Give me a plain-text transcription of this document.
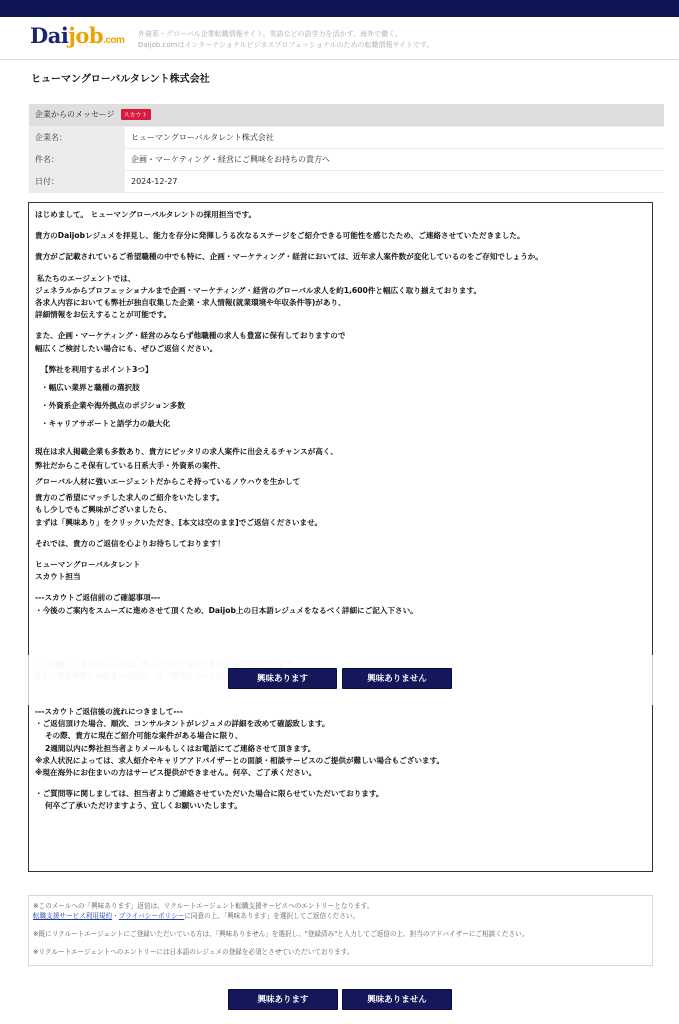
Daijob.com
外資系・グローバル企業転職情報サイト。英語などの語学力を活かす。海外で働く。
Daijob.comはインターナショナルビジネスプロフェッショナルのための転職情報サイトです。
ヒューマングローバルタレント株式会社
企業からのメッセージ スカウト	
企業名：	ヒューマングローバルタレント株式会社
件名：	企画・マーケティング・経営にご興味をお持ちの貴方へ
日付：	2024-12-27
はじめまして。 ヒューマングローバルタレントの採用担当です。
貴方のDaijobレジュメを拝見し、能力を存分に発揮しうる次なるステージをご紹介できる可能性を感じたため、ご連絡させていただきました。
貴方がご記載されているご希望職種の中でも特に、企画・マーケティング・経営においては、近年求人案件数が変化しているのをご存知でしょうか。
私たちのエージェントでは、
ジェネラルからプロフェッショナルまで企画・マーケティング・経営のグローバル求人を約1,600件と幅広く取り揃えております。
各求人内容においても弊社が独自収集した企業・求人情報(就業環境や年収条件等)があり、
詳細情報をお伝えすることが可能です。
また、企画・マーケティング・経営のみならず他職種の求人も豊富に保有しておりますので
幅広くご検討したい場合にも、ぜひご返信ください。
【弊社を利用するポイント3つ】
・幅広い業界と職種の選択肢
・外資系企業や海外拠点のポジション多数
・キャリアサポートと語学力の最大化
現在は求人掲載企業も多数あり、貴方にピッタリの求人案件に出会えるチャンスが高く、
弊社だからこそ保有している日系大手・外資系の案件、
グローバル人材に強いエージェントだからこそ持っているノウハウを生かして
貴方のご希望にマッチした求人のご紹介をいたします。
もし少しでもご興味がございましたら、
まずは「興味あり」をクリックいただき、[本文は空のまま]でご返信くださいませ。
それでは、貴方のご返信を心よりお待ちしております！
ヒューマングローバルタレント
スカウト担当
---スカウトご返信前のご確認事項---
・今後のご案内をスムーズに進めさせて頂くため、Daijob上の日本語レジュメをなるべく詳細にご記入下さい。
---スカウトご返信後の流れにつきまして---
・ご返信頂けた場合、順次、コンサルタントがレジュメの詳細を改めて確認致します。
その際、貴方に現在ご紹介可能な案件がある場合に限り、
2週間以内に弊社担当者よりメールもしくはお電話にてご連絡させて頂きます。
※求人状況によっては、求人紹介やキャリアアドバイザーとの面談・相談サービスのご提供が難しい場合もございます。
※現在海外にお住まいの方はサービス提供ができません。何卒、ご了承ください。
・ご質問等に関しましては、担当者よりご連絡させていただいた場合に限らせていただいております。
何卒ご了承いただけますよう、宜しくお願いいたします。
興味あります	興味ありません
※このメールへの「興味あります」返信は、リクルートエージェント転職支援サービスへのエントリーとなります。
転職支援サービス利用規約・プライバシーポリシーに同意の上、「興味あります」を選択してご返信ください。
※既にリクルートエージェントにご登録いただいている方は、「興味ありません」を選択し、"登録済み"と入力してご返信の上、担当のアドバイザーにご相談ください。
※リクルートエージェントへのエントリーには日本語のレジュメの登録を必須とさせていただいております。
興味あります	興味ありません
